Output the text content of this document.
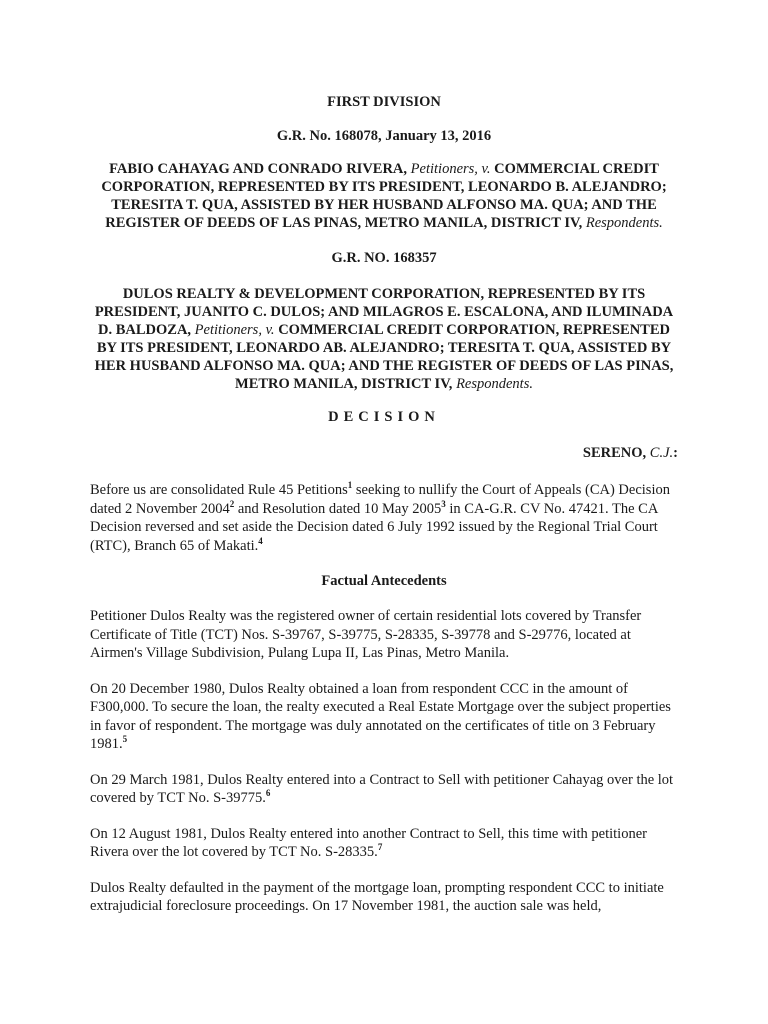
FIRST DIVISION

G.R. No. 168078, January 13, 2016

FABIO CAHAYAG AND CONRADO RIVERA, Petitioners, v. COMMERCIAL CREDIT CORPORATION, REPRESENTED BY ITS PRESIDENT, LEONARDO B. ALEJANDRO; TERESITA T. QUA, ASSISTED BY HER HUSBAND ALFONSO MA. QUA; AND THE REGISTER OF DEEDS OF LAS PINAS, METRO MANILA, DISTRICT IV, Respondents.

G.R. NO. 168357

DULOS REALTY & DEVELOPMENT CORPORATION, REPRESENTED BY ITS PRESIDENT, JUANITO C. DULOS; AND MILAGROS E. ESCALONA, AND ILUMINADA D. BALDOZA, Petitioners, v. COMMERCIAL CREDIT CORPORATION, REPRESENTED BY ITS PRESIDENT, LEONARDO AB. ALEJANDRO; TERESITA T. QUA, ASSISTED BY HER HUSBAND ALFONSO MA. QUA; AND THE REGISTER OF DEEDS OF LAS PINAS, METRO MANILA, DISTRICT IV, Respondents.

DECISION

SERENO, C.J.:

Before us are consolidated Rule 45 Petitions$^1$ seeking to nullify the Court of Appeals (CA) Decision dated 2 November 2004$^2$ and Resolution dated 10 May 2005$^3$ in CA-G.R. CV No. 47421. The CA Decision reversed and set aside the Decision dated 6 July 1992 issued by the Regional Trial Court (RTC), Branch 65 of Makati.$^4$

Factual Antecedents

Petitioner Dulos Realty was the registered owner of certain residential lots covered by Transfer Certificate of Title (TCT) Nos. S-39767, S-39775, S-28335, S-39778 and S-29776, located at Airmen's Village Subdivision, Pulang Lupa II, Las Pinas, Metro Manila.

On 20 December 1980, Dulos Realty obtained a loan from respondent CCC in the amount of F300,000. To secure the loan, the realty executed a Real Estate Mortgage over the subject properties in favor of respondent. The mortgage was duly annotated on the certificates of title on 3 February 1981.$^5$

On 29 March 1981, Dulos Realty entered into a Contract to Sell with petitioner Cahayag over the lot covered by TCT No. S-39775.$^6$

On 12 August 1981, Dulos Realty entered into another Contract to Sell, this time with petitioner Rivera over the lot covered by TCT No. S-28335.$^7$

Dulos Realty defaulted in the payment of the mortgage loan, prompting respondent CCC to initiate extrajudicial foreclosure proceedings. On 17 November 1981, the auction sale was held,
